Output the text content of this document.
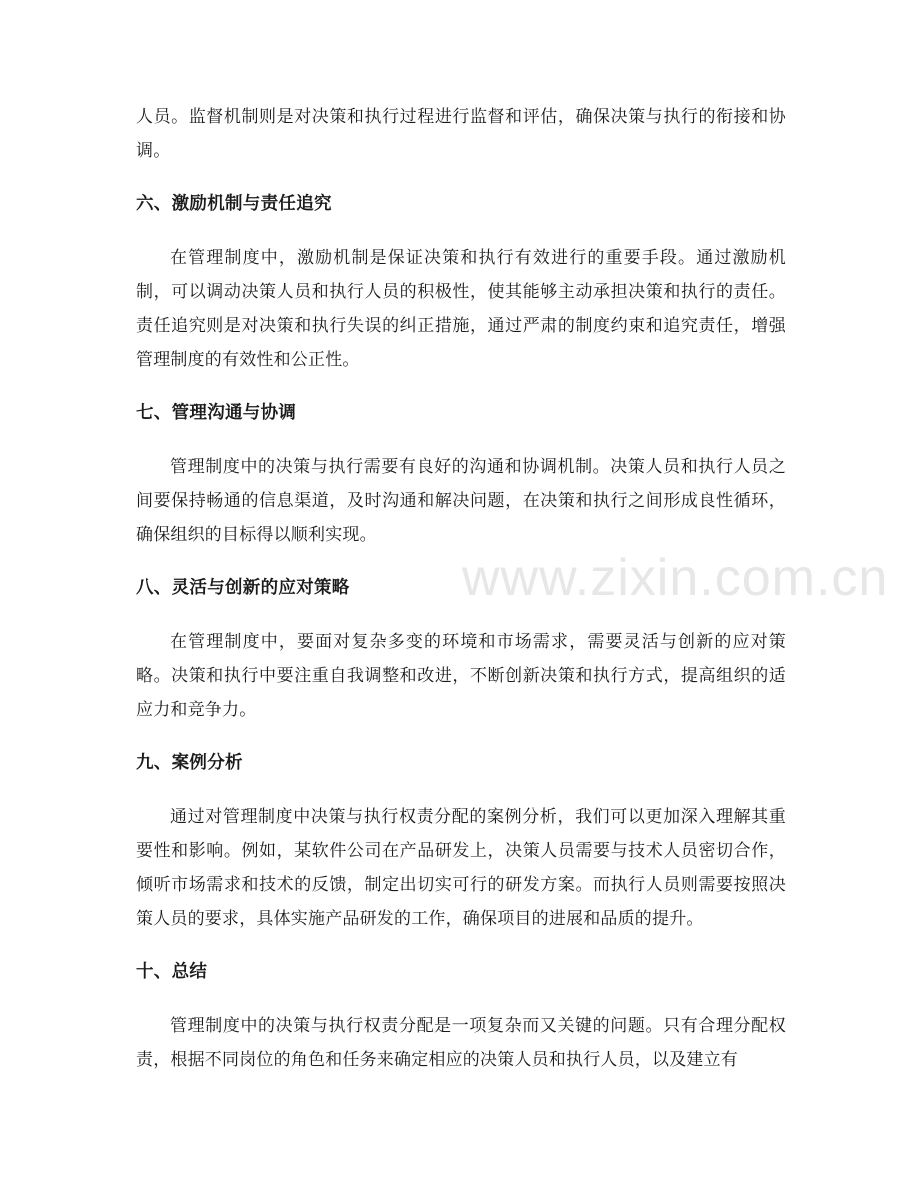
人员。监督机制则是对决策和执行过程进行监督和评估，确保决策与执行的衔接和协调。

六、激励机制与责任追究

在管理制度中，激励机制是保证决策和执行有效进行的重要手段。通过激励机制，可以调动决策人员和执行人员的积极性，使其能够主动承担决策和执行的责任。责任追究则是对决策和执行失误的纠正措施，通过严肃的制度约束和追究责任，增强管理制度的有效性和公正性。

七、管理沟通与协调

管理制度中的决策与执行需要有良好的沟通和协调机制。决策人员和执行人员之间要保持畅通的信息渠道，及时沟通和解决问题，在决策和执行之间形成良性循环，确保组织的目标得以顺利实现。

八、灵活与创新的应对策略

在管理制度中，要面对复杂多变的环境和市场需求，需要灵活与创新的应对策略。决策和执行中要注重自我调整和改进，不断创新决策和执行方式，提高组织的适应力和竞争力。

九、案例分析

通过对管理制度中决策与执行权责分配的案例分析，我们可以更加深入理解其重要性和影响。例如，某软件公司在产品研发上，决策人员需要与技术人员密切合作，倾听市场需求和技术的反馈，制定出切实可行的研发方案。而执行人员则需要按照决策人员的要求，具体实施产品研发的工作，确保项目的进展和品质的提升。

十、总结

管理制度中的决策与执行权责分配是一项复杂而又关键的问题。只有合理分配权责，根据不同岗位的角色和任务来确定相应的决策人员和执行人员，以及建立有

www.zixin.com.cn
